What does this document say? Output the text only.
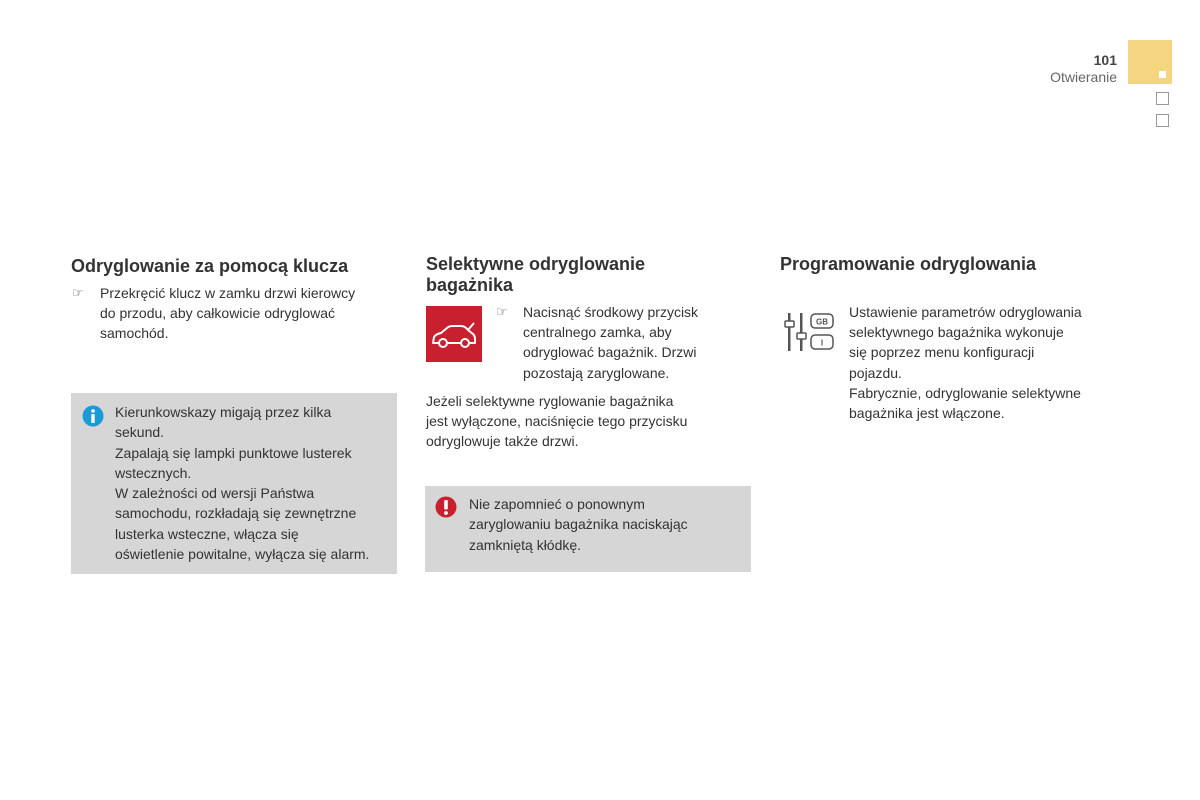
101
Otwieranie
Odryglowanie za pomocą klucza
☞ Przekręcić klucz w zamku drzwi kierowcy
do przodu, aby całkowicie odryglować
samochód.
Kierunkowskazy migają przez kilka
sekund.
Zapalają się lampki punktowe lusterek
wstecznych.
W zależności od wersji Państwa
samochodu, rozkładają się zewnętrzne
lusterka wsteczne, włącza się
oświetlenie powitalne, wyłącza się alarm.
Selektywne odryglowanie
bagażnika
☞ Nacisnąć środkowy przycisk
centralnego zamka, aby
odryglować bagażnik. Drzwi
pozostają zaryglowane.
Jeżeli selektywne ryglowanie bagażnika
jest wyłączone, naciśnięcie tego przycisku
odryglowuje także drzwi.
Nie zapomnieć o ponownym
zaryglowaniu bagażnika naciskając
zamkniętą kłódkę.
Programowanie odryglowania
GB
I
Ustawienie parametrów odryglowania
selektywnego bagażnika wykonuje
się poprzez menu konfiguracji
pojazdu.
Fabrycznie, odryglowanie selektywne
bagażnika jest włączone.
